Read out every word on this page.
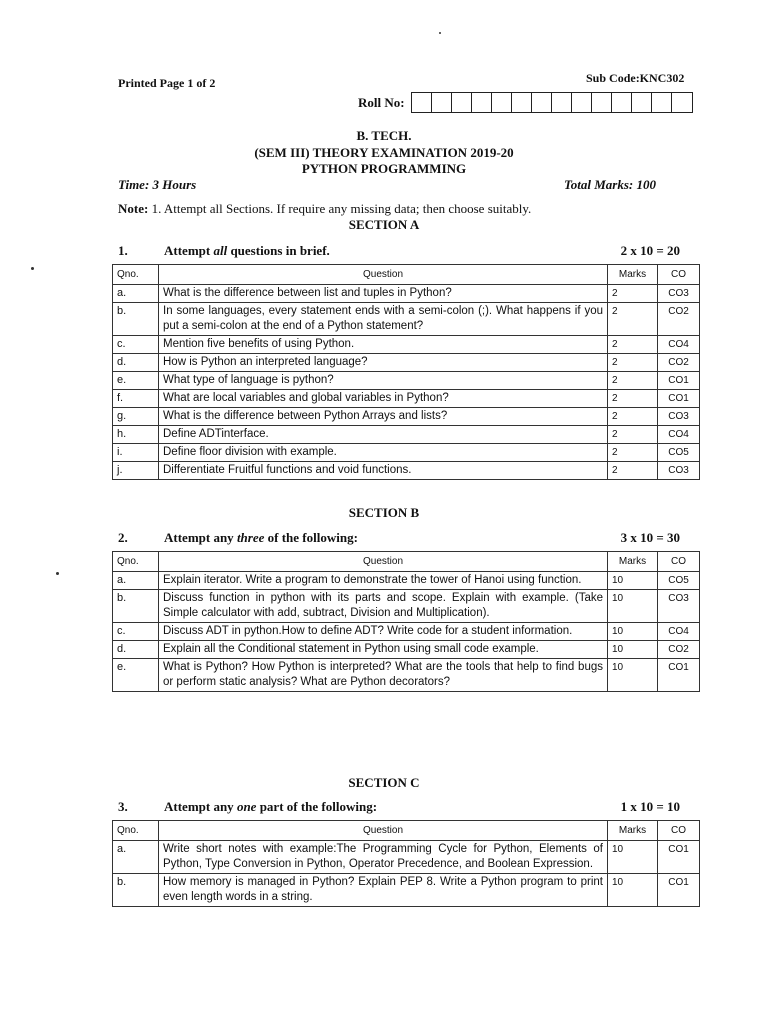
Printed Page 1 of 2	Sub Code:KNC302
Roll No:
B. TECH.
(SEM III) THEORY EXAMINATION 2019-20
PYTHON PROGRAMMING
Time: 3 Hours	Total Marks: 100
Note: 1. Attempt all Sections. If require any missing data; then choose suitably.
SECTION A
1.	Attempt all questions in brief.	2 x 10 = 20
Qno.	Question	Marks	CO
a.	What is the difference between list and tuples in Python?	2	CO3
b.	In some languages, every statement ends with a semi-colon (;). What happens if you put a semi-colon at the end of a Python statement?	2	CO2
c.	Mention five benefits of using Python.	2	CO4
d.	How is Python an interpreted language?	2	CO2
e.	What type of language is python?	2	CO1
f.	What are local variables and global variables in Python?	2	CO1
g.	What is the difference between Python Arrays and lists?	2	CO3
h.	Define ADTinterface.	2	CO4
i.	Define floor division with example.	2	CO5
j.	Differentiate Fruitful functions and void functions.	2	CO3
SECTION B
2.	Attempt any three of the following:	3 x 10 = 30
Qno.	Question	Marks	CO
a.	Explain iterator. Write a program to demonstrate the tower of Hanoi using function.	10	CO5
b.	Discuss function in python with its parts and scope. Explain with example. (Take Simple calculator with add, subtract, Division and Multiplication).	10	CO3
c.	Discuss ADT in python.How to define ADT? Write code for a student information.	10	CO4
d.	Explain all the Conditional statement in Python using small code example.	10	CO2
e.	What is Python? How Python is interpreted? What are the tools that help to find bugs or perform static analysis? What are Python decorators?	10	CO1
SECTION C
3.	Attempt any one part of the following:	1 x 10 = 10
Qno.	Question	Marks	CO
a.	Write short notes with example:The Programming Cycle for Python, Elements of Python, Type Conversion in Python, Operator Precedence, and Boolean Expression.	10	CO1
b.	How memory is managed in Python? Explain PEP 8. Write a Python program to print even length words in a string.	10	CO1
